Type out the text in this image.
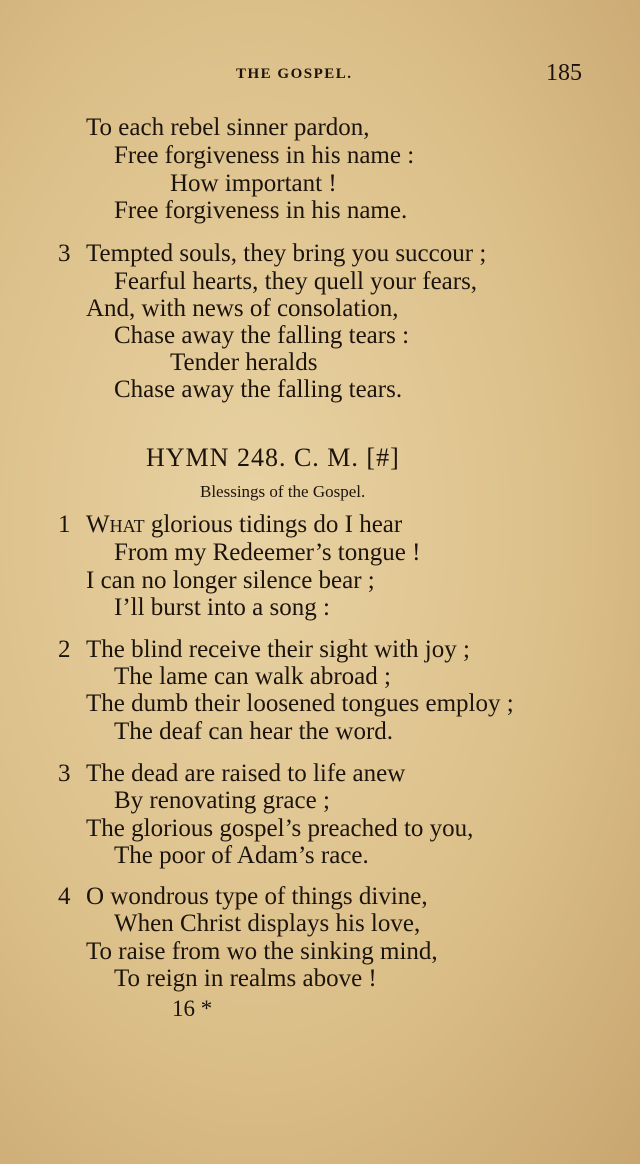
THE GOSPEL.	185
To each rebel sinner pardon,
Free forgiveness in his name :
How important !
Free forgiveness in his name.
3 Tempted souls, they bring you succour ;
Fearful hearts, they quell your fears,
And, with news of consolation,
Chase away the falling tears :
Tender heralds
Chase away the falling tears.
HYMN 248. C. M. [#]
Blessings of the Gospel.
1 What glorious tidings do I hear
From my Redeemer’s tongue !
I can no longer silence bear ;
I’ll burst into a song :
2 The blind receive their sight with joy ;
The lame can walk abroad ;
The dumb their loosened tongues employ ;
The deaf can hear the word.
3 The dead are raised to life anew
By renovating grace ;
The glorious gospel’s preached to you,
The poor of Adam’s race.
4 O wondrous type of things divine,
When Christ displays his love,
To raise from wo the sinking mind,
To reign in realms above !
16 *
